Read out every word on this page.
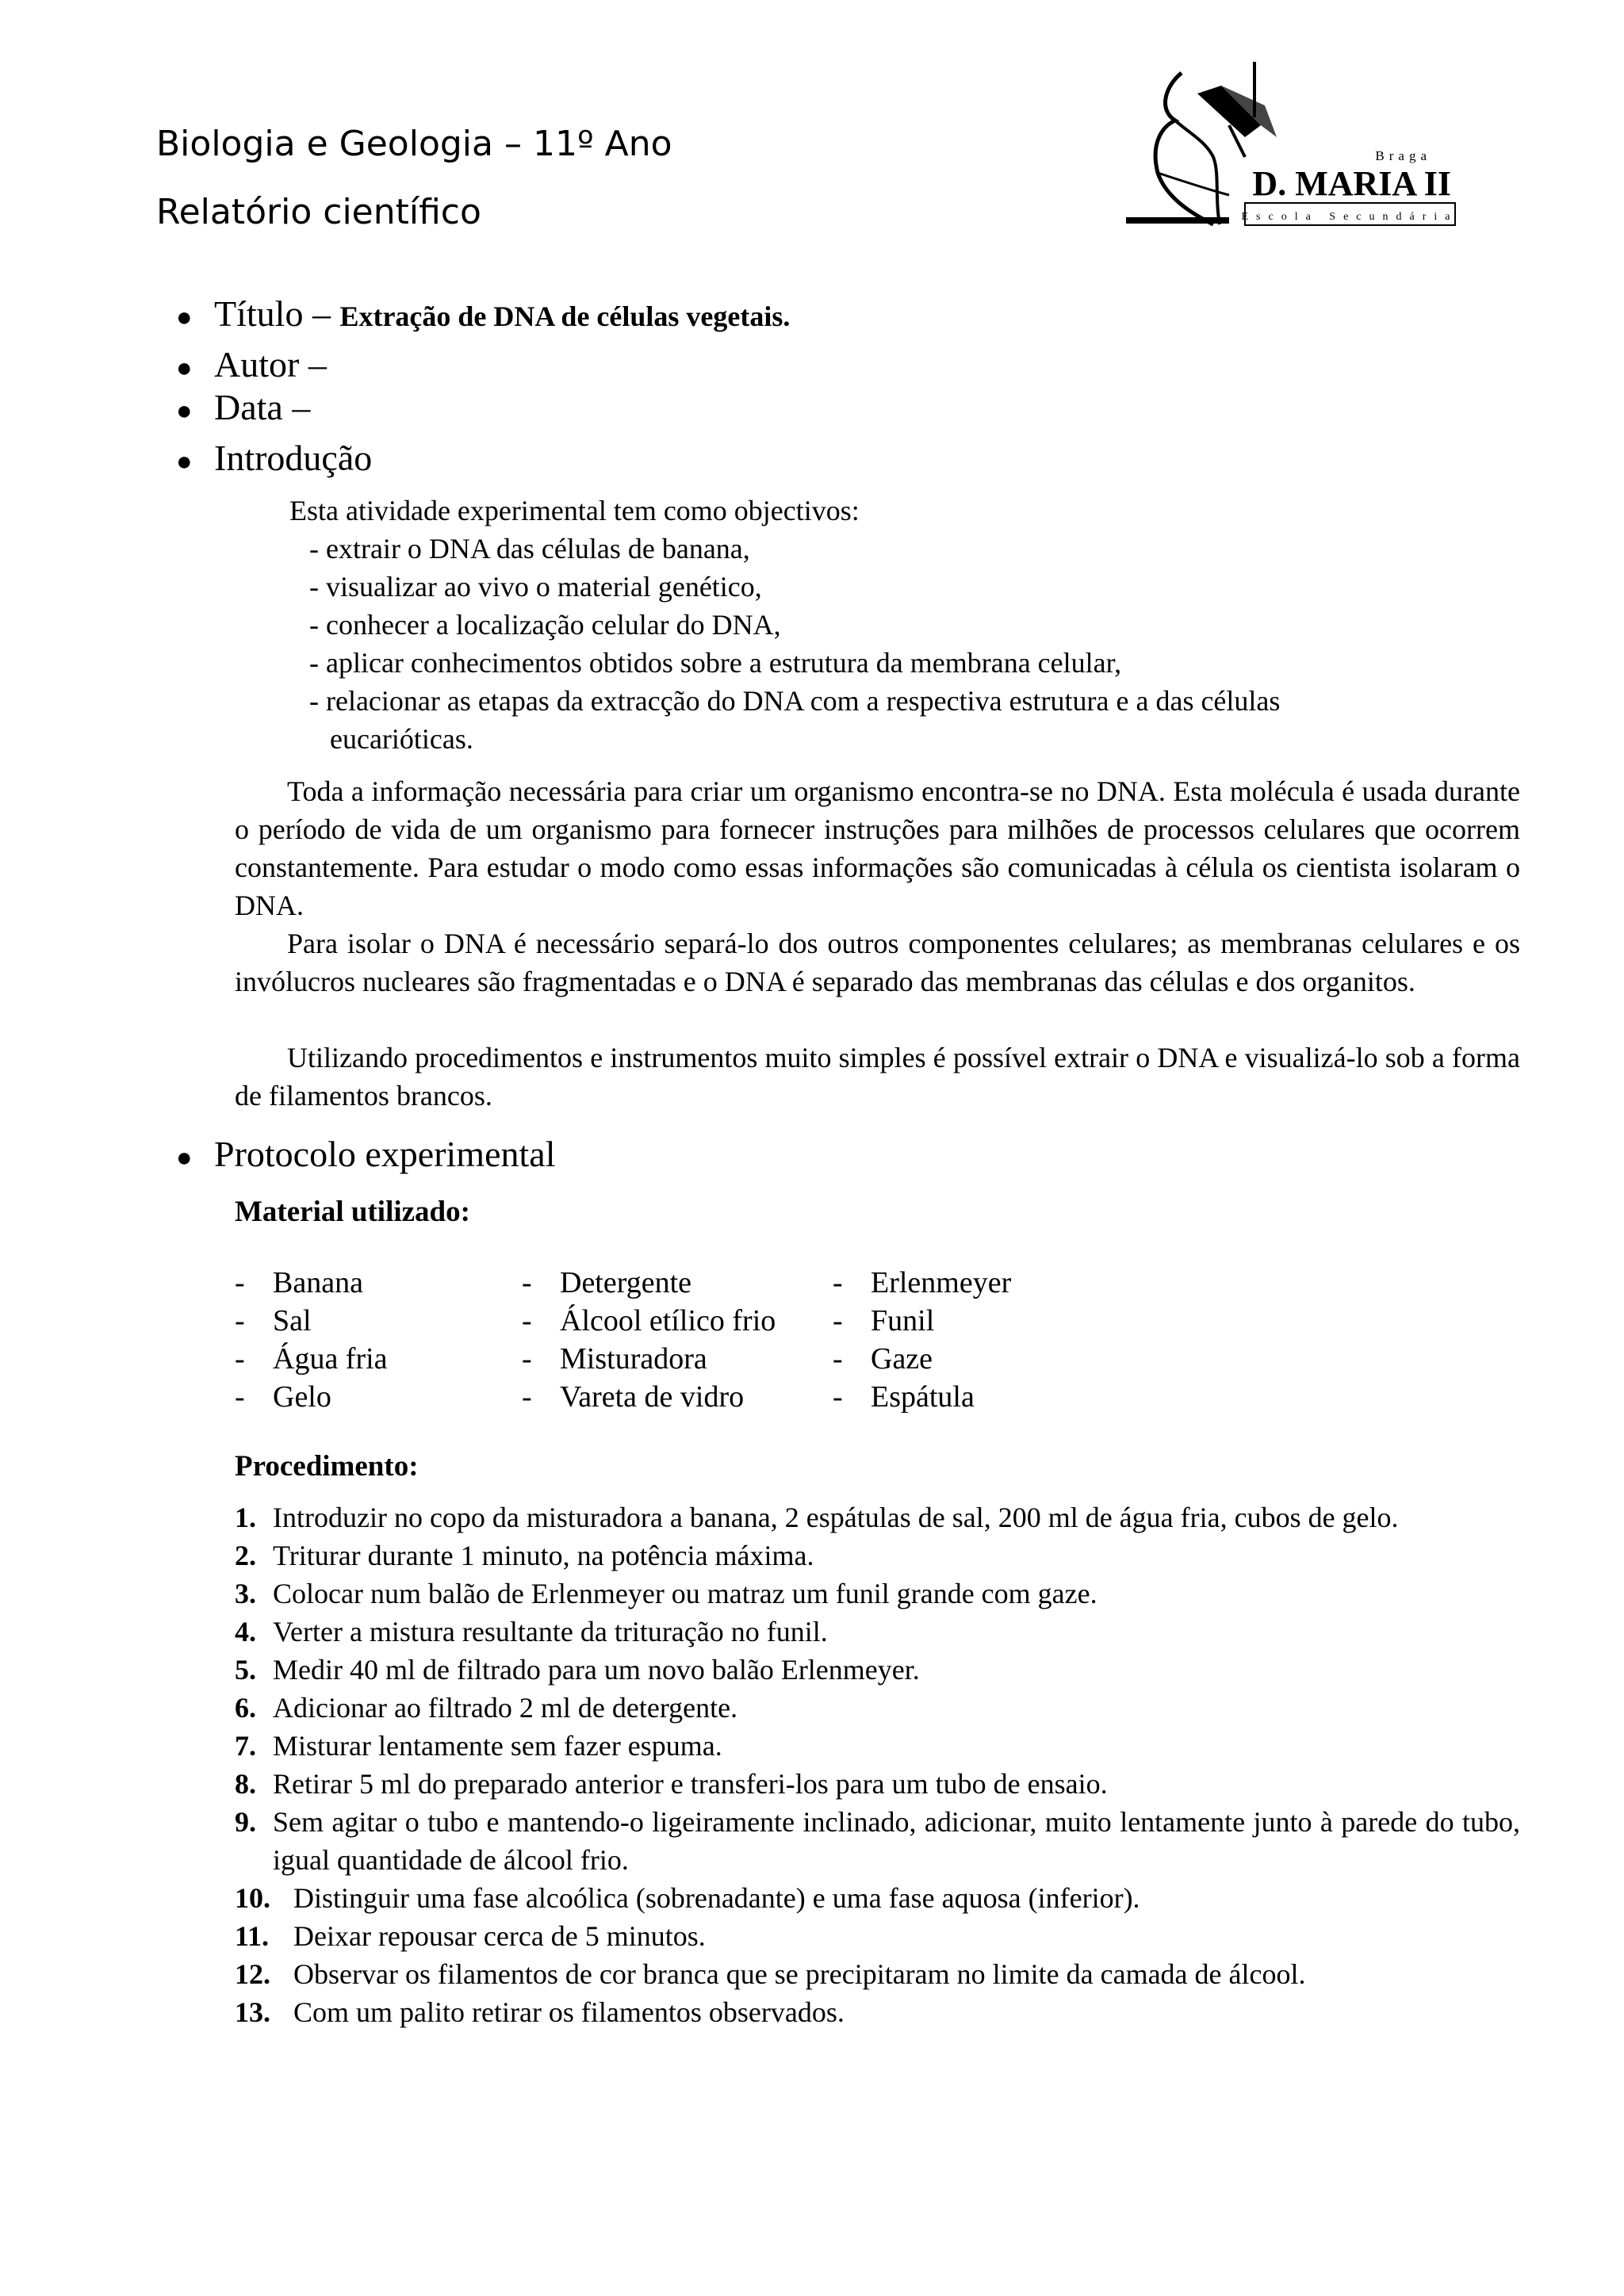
Biologia e Geologia – 11º Ano
Relatório científico
Braga
D. MARIA II
Escola Secundária
● Título – Extração de DNA de células vegetais.
● Autor –
● Data –
● Introdução
● Protocolo experimental
Esta atividade experimental tem como objectivos:
- extrair o DNA das células de banana,
- visualizar ao vivo o material genético,
- conhecer a localização celular do DNA,
- aplicar conhecimentos obtidos sobre a estrutura da membrana celular,
- relacionar as etapas da extracção do DNA com a respectiva estrutura e a das células
eucarióticas.
Toda a informação necessária para criar um organismo encontra-se no DNA. Esta molécula é usada durante o período de vida de um organismo para fornecer instruções para milhões de processos celulares que ocorrem constantemente. Para estudar o modo como essas informações são comunicadas à célula os cientista isolaram o DNA.
Para isolar o DNA é necessário separá-lo dos outros componentes celulares; as membranas celulares e os invólucros nucleares são fragmentadas e o DNA é separado das membranas das células e dos organitos.
Utilizando procedimentos e instrumentos muito simples é possível extrair o DNA e visualizá-lo sob a forma de filamentos brancos.
Material utilizado:
- Banana
- Sal
- Água fria
- Gelo
- Detergente
- Álcool etílico frio
- Misturadora
- Vareta de vidro
- Erlenmeyer
- Funil
- Gaze
- Espátula
Procedimento:
1. Introduzir no copo da misturadora a banana, 2 espátulas de sal, 200 ml de água fria, cubos de gelo.
2. Triturar durante 1 minuto, na potência máxima.
3. Colocar num balão de Erlenmeyer ou matraz um funil grande com gaze.
4. Verter a mistura resultante da trituração no funil.
5. Medir 40 ml de filtrado para um novo balão Erlenmeyer.
6. Adicionar ao filtrado 2 ml de detergente.
7. Misturar lentamente sem fazer espuma.
8. Retirar 5 ml do preparado anterior e transferi-los para um tubo de ensaio.
9. Sem agitar o tubo e mantendo-o ligeiramente inclinado, adicionar, muito lentamente junto à parede do tubo, igual quantidade de álcool frio.
10. Distinguir uma fase alcoólica (sobrenadante) e uma fase aquosa (inferior).
11. Deixar repousar cerca de 5 minutos.
12. Observar os filamentos de cor branca que se precipitaram no limite da camada de álcool.
13. Com um palito retirar os filamentos observados.
